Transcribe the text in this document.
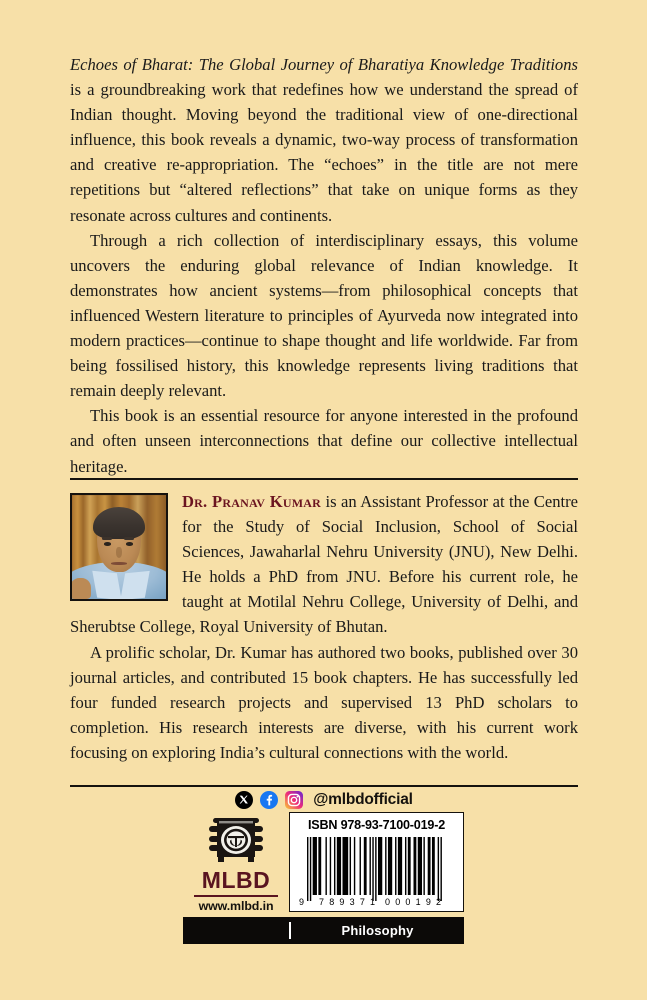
Echoes of Bharat: The Global Journey of Bharatiya Knowledge Traditions is a groundbreaking work that redefines how we understand the spread of Indian thought. Moving beyond the traditional view of one-directional influence, this book reveals a dynamic, two-way process of transformation and creative re-appropriation. The “echoes” in the title are not mere repetitions but “altered reflections” that take on unique forms as they resonate across cultures and continents.

Through a rich collection of interdisciplinary essays, this volume uncovers the enduring global relevance of Indian knowledge. It demonstrates how ancient systems—from philosophical concepts that influenced Western literature to principles of Ayurveda now integrated into modern practices—continue to shape thought and life worldwide. Far from being fossilised history, this knowledge represents living traditions that remain deeply relevant.

This book is an essential resource for anyone interested in the profound and often unseen interconnections that define our collective intellectual heritage.

Dr. Pranav Kumar is an Assistant Professor at the Centre for the Study of Social Inclusion, School of Social Sciences, Jawaharlal Nehru University (JNU), New Delhi. He holds a PhD from JNU. Before his current role, he taught at Motilal Nehru College, University of Delhi, and Sherubtse College, Royal University of Bhutan.

A prolific scholar, Dr. Kumar has authored two books, published over 30 journal articles, and contributed 15 book chapters. He has successfully led four funded research projects and supervised 13 PhD scholars to completion. His research interests are diverse, with his current work focusing on exploring India’s cultural connections with the world.

@mlbdofficial
MLBD
www.mlbd.in
ISBN 978-93-7100-019-2
9 789371 000192
Philosophy
